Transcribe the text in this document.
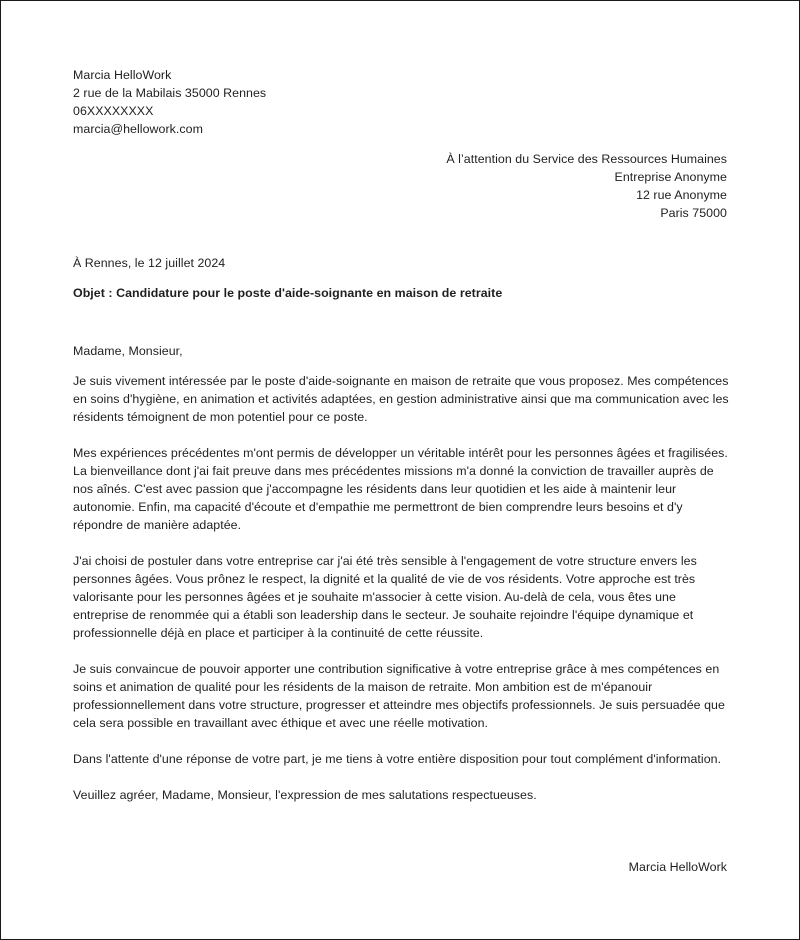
Marcia HelloWork
2 rue de la Mabilais 35000 Rennes
06XXXXXXXX
marcia@hellowork.com
À l’attention du Service des Ressources Humaines
Entreprise Anonyme
12 rue Anonyme
Paris 75000
À Rennes, le 12 juillet 2024
Objet : Candidature pour le poste d'aide-soignante en maison de retraite
Madame, Monsieur,

Je suis vivement intéressée par le poste d'aide-soignante en maison de retraite que vous proposez. Mes compétences en soins d'hygiène, en animation et activités adaptées, en gestion administrative ainsi que ma communication avec les résidents témoignent de mon potentiel pour ce poste.

Mes expériences précédentes m'ont permis de développer un véritable intérêt pour les personnes âgées et fragilisées. La bienveillance dont j'ai fait preuve dans mes précédentes missions m'a donné la conviction de travailler auprès de nos aînés. C'est avec passion que j'accompagne les résidents dans leur quotidien et les aide à maintenir leur autonomie. Enfin, ma capacité d'écoute et d'empathie me permettront de bien comprendre leurs besoins et d'y répondre de manière adaptée.

J'ai choisi de postuler dans votre entreprise car j'ai été très sensible à l'engagement de votre structure envers les personnes âgées. Vous prônez le respect, la dignité et la qualité de vie de vos résidents. Votre approche est très valorisante pour les personnes âgées et je souhaite m'associer à cette vision. Au-delà de cela, vous êtes une entreprise de renommée qui a établi son leadership dans le secteur. Je souhaite rejoindre l'équipe dynamique et professionnelle déjà en place et participer à la continuité de cette réussite.

Je suis convaincue de pouvoir apporter une contribution significative à votre entreprise grâce à mes compétences en soins et animation de qualité pour les résidents de la maison de retraite. Mon ambition est de m'épanouir professionnellement dans votre structure, progresser et atteindre mes objectifs professionnels. Je suis persuadée que cela sera possible en travaillant avec éthique et avec une réelle motivation.

Dans l'attente d'une réponse de votre part, je me tiens à votre entière disposition pour tout complément d'information.

Veuillez agréer, Madame, Monsieur, l'expression de mes salutations respectueuses.

Marcia HelloWork
